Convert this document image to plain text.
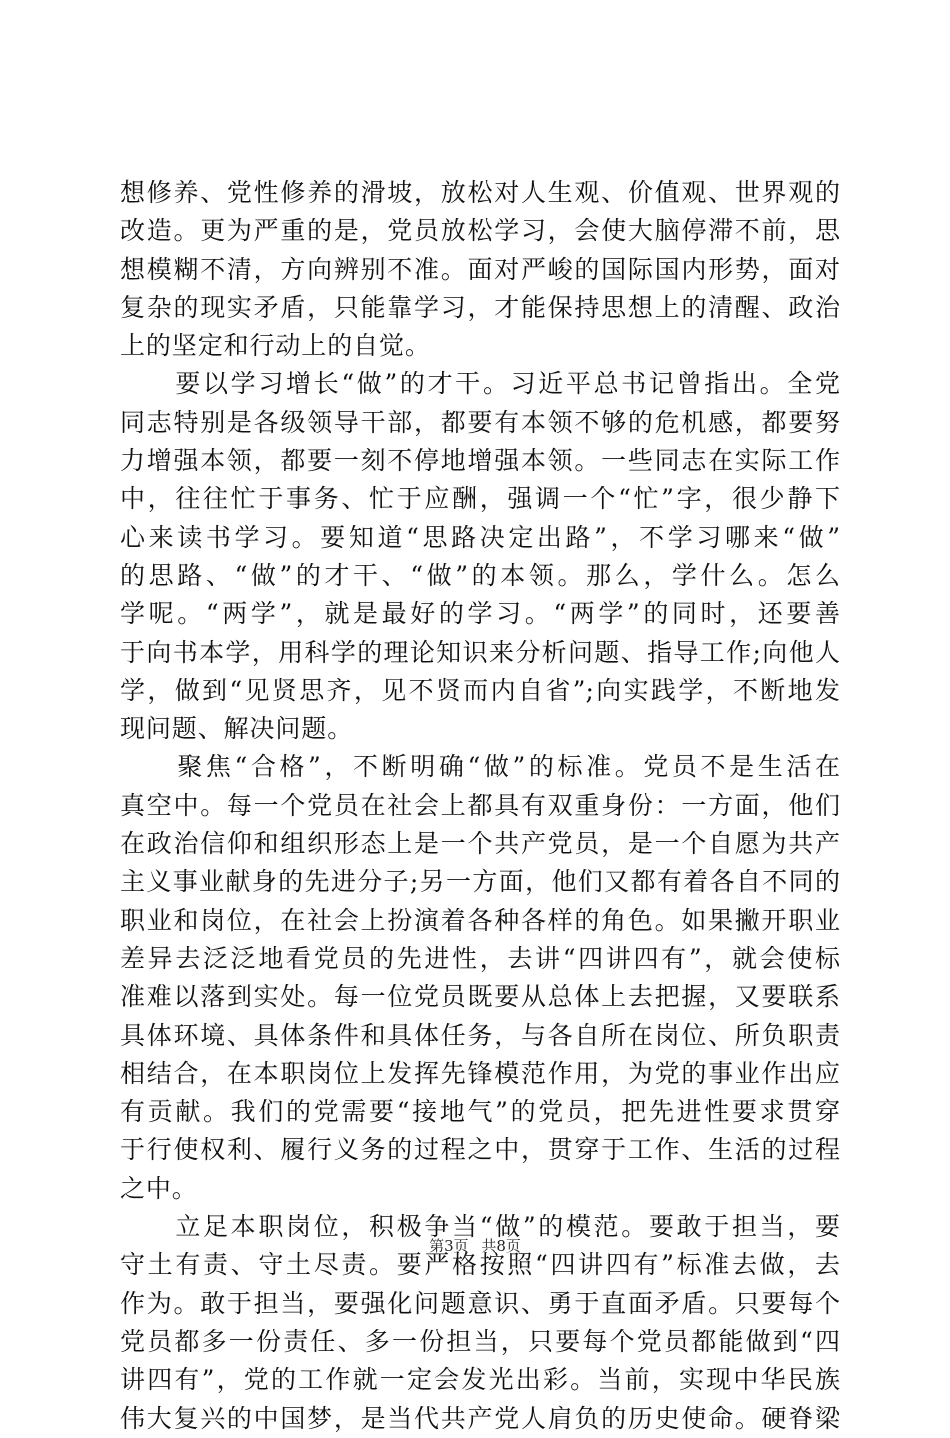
想修养、党性修养的滑坡，放松对人生观、价值观、世界观的
改造。更为严重的是，党员放松学习，会使大脑停滞不前，思
想模糊不清，方向辨别不准。面对严峻的国际国内形势，面对
复杂的现实矛盾，只能靠学习，才能保持思想上的清醒、政治
上的坚定和行动上的自觉。
　　要以学习增长“做”的才干。习近平总书记曾指出。全党
同志特别是各级领导干部，都要有本领不够的危机感，都要努
力增强本领，都要一刻不停地增强本领。一些同志在实际工作
中，往往忙于事务、忙于应酬，强调一个“忙”字，很少静下
心来读书学习。要知道“思路决定出路”，不学习哪来“做”
的思路、“做”的才干、“做”的本领。那么，学什么。怎么
学呢。“两学”，就是最好的学习。“两学”的同时，还要善
于向书本学，用科学的理论知识来分析问题、指导工作;向他人
学，做到“见贤思齐，见不贤而内自省”;向实践学，不断地发
现问题、解决问题。
　　聚焦“合格”，不断明确“做”的标准。党员不是生活在
真空中。每一个党员在社会上都具有双重身份：一方面，他们
在政治信仰和组织形态上是一个共产党员，是一个自愿为共产
主义事业献身的先进分子;另一方面，他们又都有着各自不同的
职业和岗位，在社会上扮演着各种各样的角色。如果撇开职业
差异去泛泛地看党员的先进性，去讲“四讲四有”，就会使标
准难以落到实处。每一位党员既要从总体上去把握，又要联系
具体环境、具体条件和具体任务，与各自所在岗位、所负职责
相结合，在本职岗位上发挥先锋模范作用，为党的事业作出应
有贡献。我们的党需要“接地气”的党员，把先进性要求贯穿
于行使权利、履行义务的过程之中，贯穿于工作、生活的过程
之中。
　　立足本职岗位，积极争当“做”的模范。要敢于担当，要
守土有责、守土尽责。要严格按照“四讲四有”标准去做，去
作为。敢于担当，要强化问题意识、勇于直面矛盾。只要每个
党员都多一份责任、多一份担当，只要每个党员都能做到“四
讲四有”，党的工作就一定会发光出彩。当前，实现中华民族
伟大复兴的中国梦，是当代共产党人肩负的历史使命。硬脊梁
第3页 共8页
